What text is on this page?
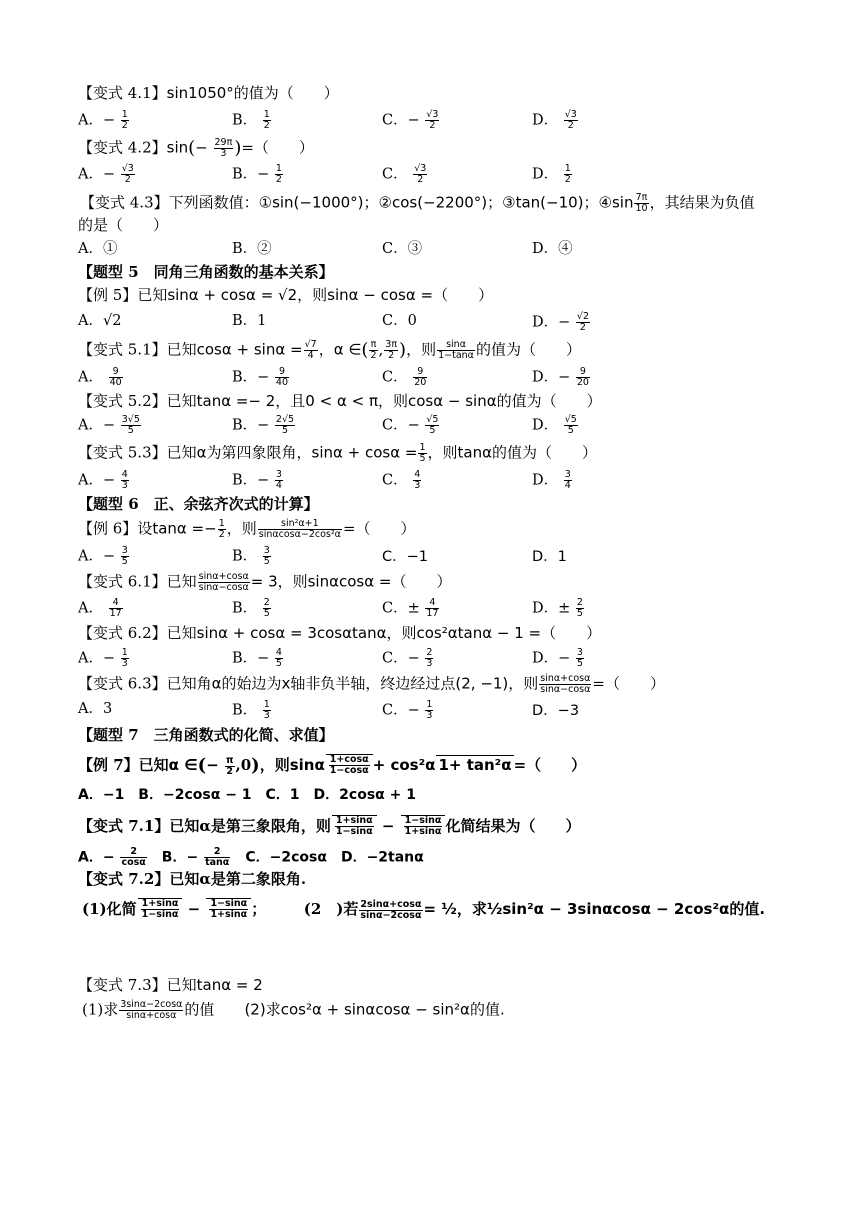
【变式 4.1】sin1050°的值为（　　）
A．− $\frac{1}{2}$	B． $\frac{1}{2}$	C．− $\frac{√3}{2}$	D． $\frac{√3}{2}$
【变式 4.2】$\sin(- \frac{29\pi}{3}$ )=（　　）
A．− $\frac{√3}{2}$	B．− $\frac{1}{2}$	C． $\frac{√3}{2}$	D． $\frac{1}{2}$
【变式 4.3】下列函数值：①sin(−1000°)；②cos(−2200°)；③tan(−10)；④sin $\frac{7\pi}{10}$ ，其结果为负值
的是（　　）
A．①	B．②	C．③	D．④
【题型 5　同角三角函数的基本关系】
【例 5】已知sinα + cosα = √2，则sinα − cosα =（　　）
A．√2	B．1	C．0	D．− $\frac{√2}{2}$
【变式 5.1】已知$\cos\alpha + \sin\alpha = \frac{√7}{4}$ ，α ∈( $\frac{\pi}{2}$ , $\frac{3\pi}{2}$ )，则 $\frac{\sin\alpha}{1-\tan\alpha}$ 的值为（　　）
A． $\frac{9}{40}$	B．− $\frac{9}{40}$	C． $\frac{9}{20}$	D．− $\frac{9}{20}$
【变式 5.2】已知tanα =− 2，且0 < α < π，则cosα − sinα的值为（　　）
A．− $\frac{3√5}{5}$	B．− $\frac{2√5}{5}$	C．− $\frac{√5}{5}$	D． $\frac{√5}{5}$
【变式 5.3】已知α为第四象限角，$\sin\alpha + \cos\alpha = \frac{1}{5}$ ，则tanα的值为（　　）
A．− $\frac{4}{3}$	B．− $\frac{3}{4}$	C． $\frac{4}{3}$	D． $\frac{3}{4}$
【题型 6　正、余弦齐次式的计算】
【例 6】设$\tan\alpha =- \frac{1}{2}$ ，则 $\frac{\text{sin²α+1}}{\text{sinαcosα−2cos²α}}$ =（　　）
A．− $\frac{3}{5}$	B． $\frac{3}{5}$	C．−1	D．1
【变式 6.1】已知 $\frac{\sin\alpha+\cos\alpha}{\sin\alpha-\cos\alpha} = 3$，则sinαcosα =（　　）
A． $\frac{4}{17}$	B． $\frac{2}{5}$	C．± $\frac{4}{17}$	D．± $\frac{2}{5}$
【变式 6.2】已知sinα + cosα = 3cosαtanα，则cos²αtanα − 1 =（　　）
A．− $\frac{1}{3}$	B．− $\frac{4}{5}$	C．− $\frac{2}{3}$	D．− $\frac{3}{5}$
【变式 6.3】已知角α的始边为x轴非负半轴，终边经过点(2, −1)，则 $\frac{\sin\alpha+\cos\alpha}{\sin\alpha-\cos\alpha}$ =（　　）
A．3	B． $\frac{1}{3}$	C．− $\frac{1}{3}$	D．−3
【题型 7　三角函数式的化简、求值】
【例 7】已知α ∈(− $\frac{\pi}{2} ,0$)，则sinα $\frac{1+\cos\alpha}{1-\cos\alpha} + \cos^2\alpha$ 1+ tan²α =（　　）
A．−1　B．−2cosα − 1　C．1　D．2cosα + 1
【变式 7.1】已知α是第三象限角，则 $\frac{1+\sin\alpha}{1-\sin\alpha} - \frac{1-\sin\alpha}{1+\sin\alpha}$ 化简结果为（　　）
A．− $\frac{2}{\cos\alpha}$ 　B．− $\frac{2}{\tan\alpha}$ 　C．−2cosα　D．−2tanα
【变式 7.2】已知α是第二象限角.
(1)化简 $\frac{1+\sin\alpha}{1-\sin\alpha} - \frac{1-\sin\alpha}{1+\sin\alpha}$ ；　　　(2　)若 $\frac{2\sin\alpha+\cos\alpha}{\sin\alpha-2\cos\alpha}$ = ½，求½sin²α − 3sinαcosα − 2cos²α的值.
【变式 7.3】已知tanα = 2
(1)求 $\frac{3\sin\alpha-2\cos\alpha}{\sin\alpha+\cos\alpha}$ 的值　　 (2)求cos²α + sinαcosα − sin²α的值.
